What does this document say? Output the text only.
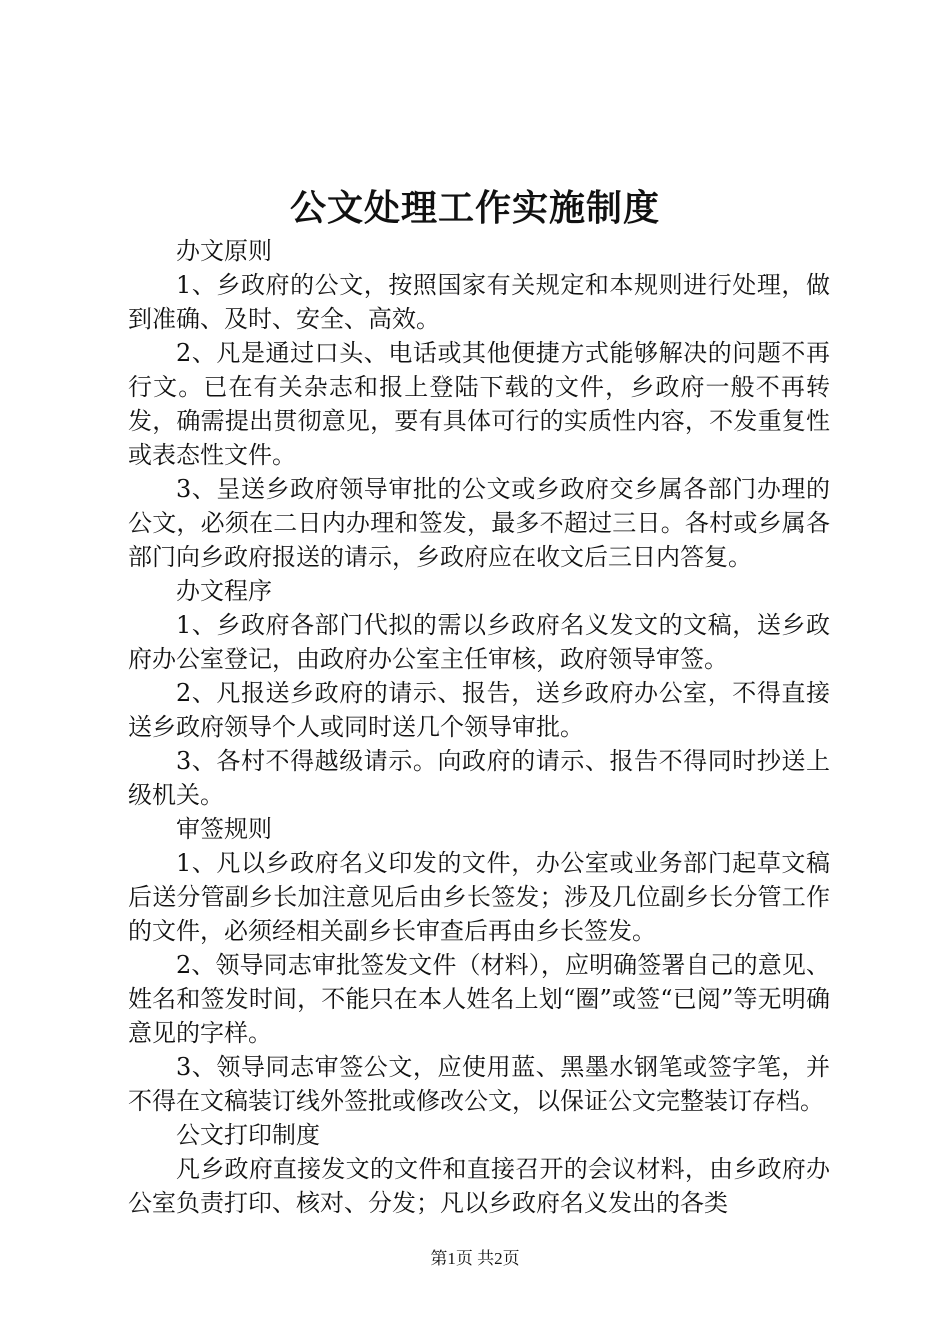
公文处理工作实施制度

办文原则

1、乡政府的公文，按照国家有关规定和本规则进行处理，做到准确、及时、安全、高效。

2、凡是通过口头、电话或其他便捷方式能够解决的问题不再行文。已在有关杂志和报上登陆下载的文件，乡政府一般不再转发，确需提出贯彻意见，要有具体可行的实质性内容，不发重复性或表态性文件。

3、呈送乡政府领导审批的公文或乡政府交乡属各部门办理的公文，必须在二日内办理和签发，最多不超过三日。各村或乡属各部门向乡政府报送的请示，乡政府应在收文后三日内答复。

办文程序

1、乡政府各部门代拟的需以乡政府名义发文的文稿，送乡政府办公室登记，由政府办公室主任审核，政府领导审签。

2、凡报送乡政府的请示、报告，送乡政府办公室，不得直接送乡政府领导个人或同时送几个领导审批。

3、各村不得越级请示。向政府的请示、报告不得同时抄送上级机关。

审签规则

1、凡以乡政府名义印发的文件，办公室或业务部门起草文稿后送分管副乡长加注意见后由乡长签发；涉及几位副乡长分管工作的文件，必须经相关副乡长审查后再由乡长签发。

2、领导同志审批签发文件（材料），应明确签署自己的意见、姓名和签发时间，不能只在本人姓名上划“圈”或签“已阅”等无明确意见的字样。

3、领导同志审签公文，应使用蓝、黑墨水钢笔或签字笔，并不得在文稿装订线外签批或修改公文，以保证公文完整装订存档。

公文打印制度

凡乡政府直接发文的文件和直接召开的会议材料，由乡政府办公室负责打印、核对、分发；凡以乡政府名义发出的各类

第1页 共2页
